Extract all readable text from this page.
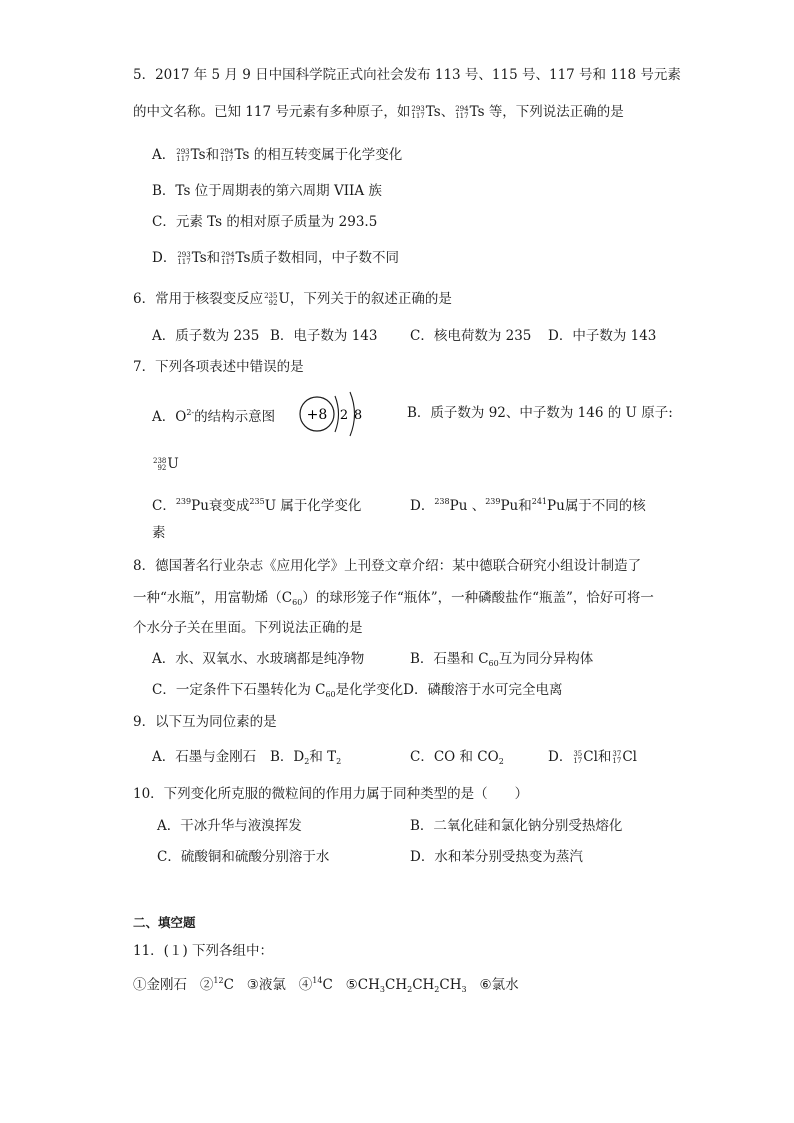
5．2017 年 5 月 9 日中国科学院正式向社会发布 113 号、115 号、117 号和 118 号元素
的中文名称。已知 117 号元素有多种原子，如 293
117 Ts、 294
117 Ts 等，下列说法正确的是
A． 293
117 Ts和 294
117 Ts 的相互转变属于化学变化
B．Ts 位于周期表的第六周期 VIIA 族
C．元素 Ts 的相对原子质量为 293.5
D． 293
117 Ts和 294
117 Ts质子数相同，中子数不同
6．常用于核裂变反应 235
92 U，下列关于的叙述正确的是
A．质子数为 235 B．电子数为 143 C．核电荷数为 235 D．中子数为 143
7．下列各项表述中错误的是
A．$O^{2-}$的结构示意图 +8 2 8	B．质子数为 92、中子数为 146 的 U 原子:
238
92 U
C．$^{239}$Pu衰变成$^{235}$U 属于化学变化	D．$^{238}$Pu 、$^{239}$Pu和$^{241}$Pu属于不同的核
素
8．德国著名行业杂志《应用化学》上刊登文章介绍：某中德联合研究小组设计制造了
一种“水瓶”，用富勒烯$(C_{60})$的球形笼子作“瓶体”，一种磷酸盐作“瓶盖”，恰好可将一
个水分子关在里面。下列说法正确的是
A．水、双氧水、水玻璃都是纯净物	B．石墨和 $C_{60}$互为同分异构体
C．一定条件下石墨转化为 $C_{60}$是化学变化D．磷酸溶于水可完全电离
9．以下互为同位素的是
A．石墨与金刚石 B．$D_2$和 $T_2$	C．CO 和 $CO_2$	D． 35
17 Cl和 37
17 Cl
10．下列变化所克服的微粒间的作用力属于同种类型的是（　　）
A．干冰升华与液溴挥发	B．二氧化硅和氯化钠分别受热熔化
C．硫酸铜和硫酸分别溶于水	D．水和苯分别受热变为蒸汽
二、填空题
11．(１) 下列各组中：
①金刚石 ②$^{12}$C ③液氯 ④$^{14}$C $⑤CH_3CH_2CH_2CH_3$ ⑥氯水
